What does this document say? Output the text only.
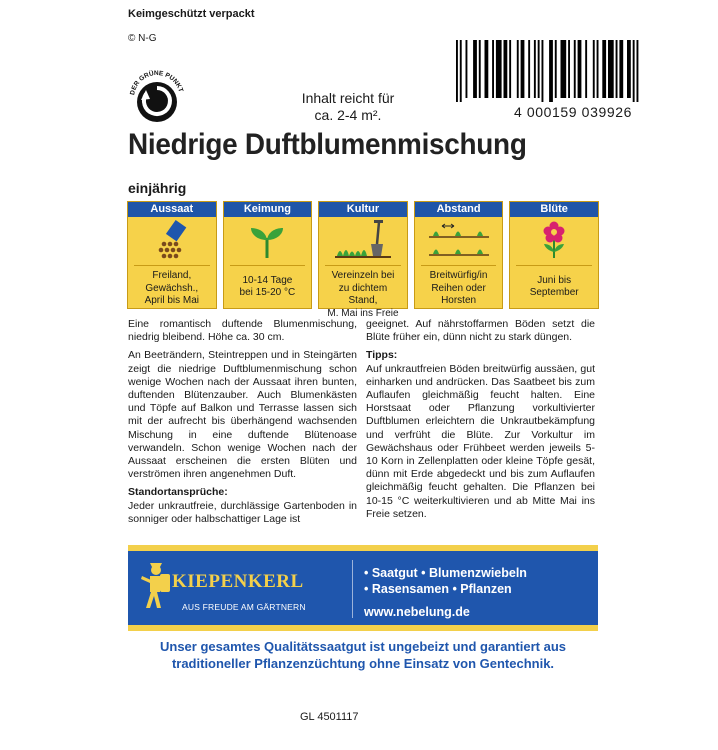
Keimgeschützt verpackt
© N-G
DER GRÜNE PUNKT	Inhalt reicht für
ca. 2-4 m².	4 000159 039926
Niedrige Duftblumenmischung
einjährig
Aussaat
Freiland,
Gewächsh.,
April bis Mai
Keimung
10-14 Tage
bei 15-20 °C
Kultur
Vereinzeln bei
zu dichtem Stand,
M. Mai ins Freie
Abstand
Breitwürfig/in
Reihen oder
Horsten
Blüte
Juni bis
September

Eine romantisch duftende Blumenmischung, niedrig bleibend. Höhe ca. 30 cm.

An Beeträndern, Steintreppen und in Steingärten zeigt die niedrige Duftblumenmischung schon wenige Wochen nach der Aussaat ihren bunten, duftenden Blütenzauber. Auch Blumenkästen und Töpfe auf Balkon und Terrasse lassen sich mit der aufrecht bis überhängend wachsenden Mischung in eine duftende Blütenoase verwandeln. Schon wenige Wochen nach der Aussaat erscheinen die ersten Blüten und verströmen ihren angenehmen Duft.

Standortansprüche:

Jeder unkrautfreie, durchlässige Gartenboden in sonniger oder halbschattiger Lage ist

geeignet. Auf nährstoffarmen Böden setzt die Blüte früher ein, dünn nicht zu stark düngen.

Tipps:

Auf unkrautfreien Böden breitwürfig aussäen, gut einharken und andrücken. Das Saatbeet bis zum Auflaufen gleichmäßig feucht halten. Eine Horstsaat oder Pflanzung vorkultivierter Duftblumen erleichtern die Unkrautbekämpfung und verfrüht die Blüte. Zur Vorkultur im Gewächshaus oder Frühbeet werden jeweils 5-10 Korn in Zellenplatten oder kleine Töpfe gesät, dünn mit Erde abgedeckt und bis zum Auflaufen gleichmäßig feucht gehalten. Die Pflanzen bei 10-15 °C weiterkultivieren und ab Mitte Mai ins Freie setzen.

KIEPENKERL
AUS FREUDE AM GÄRTNERN
• Saatgut • Blumenzwiebeln
• Rasensamen • Pflanzen
www.nebelung.de
Unser gesamtes Qualitätssaatgut ist ungebeizt und garantiert aus
traditioneller Pflanzenzüchtung ohne Einsatz von Gentechnik.
GL 4501117
